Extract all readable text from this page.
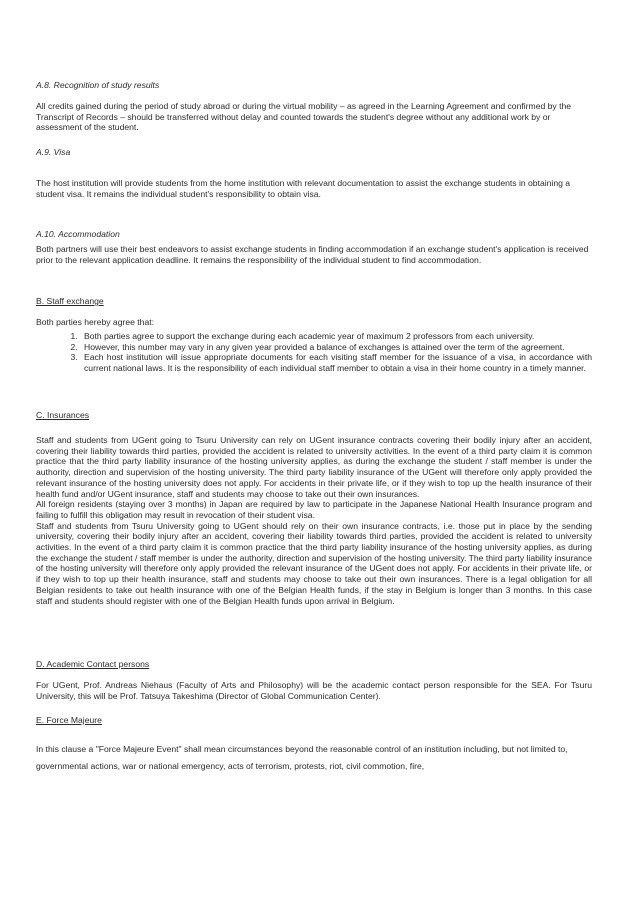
A.8. Recognition of study results

All credits gained during the period of study abroad or during the virtual mobility – as agreed in the Learning Agreement and confirmed by the Transcript of Records – should be transferred without delay and counted towards the student's degree without any additional work by or assessment of the student.

A.9. Visa

The host institution will provide students from the home institution with relevant documentation to assist the exchange students in obtaining a student visa. It remains the individual student's responsibility to obtain visa.

A.10. Accommodation

Both partners will use their best endeavors to assist exchange students in finding accommodation if an exchange student's application is received prior to the relevant application deadline. It remains the responsibility of the individual student to find accommodation.

B. Staff exchange

Both parties hereby agree that:

1. Both parties agree to support the exchange during each academic year of maximum 2 professors from each university.
2. However, this number may vary in any given year provided a balance of exchanges is attained over the term of the agreement.
3. Each host institution will issue appropriate documents for each visiting staff member for the issuance of a visa, in accordance with current national laws. It is the responsibility of each individual staff member to obtain a visa in their home country in a timely manner.

C. Insurances

Staff and students from UGent going to Tsuru University can rely on UGent insurance contracts covering their bodily injury after an accident, covering their liability towards third parties, provided the accident is related to university activities. In the event of a third party claim it is common practice that the third party liability insurance of the hosting university applies, as during the exchange the student / staff member is under the authority, direction and supervision of the hosting university. The third party liability insurance of the UGent will therefore only apply provided the relevant insurance of the hosting university does not apply. For accidents in their private life, or if they wish to top up the health insurance of their health fund and/or UGent insurance, staff and students may choose to take out their own insurances.
All foreign residents (staying over 3 months) in Japan are required by law to participate in the Japanese National Health Insurance program and failing to fulfill this obligation may result in revocation of their student visa.
Staff and students from Tsuru University going to UGent should rely on their own insurance contracts, i.e. those put in place by the sending university, covering their bodily injury after an accident, covering their liability towards third parties, provided the accident is related to university activities. In the event of a third party claim it is common practice that the third party liability insurance of the hosting university applies, as during the exchange the student / staff member is under the authority, direction and supervision of the hosting university. The third party liability insurance of the hosting university will therefore only apply provided the relevant insurance of the UGent does not apply. For accidents in their private life, or if they wish to top up their health insurance, staff and students may choose to take out their own insurances. There is a legal obligation for all Belgian residents to take out health insurance with one of the Belgian Health funds, if the stay in Belgium is longer than 3 months. In this case staff and students should register with one of the Belgian Health funds upon arrival in Belgium.

D. Academic Contact persons

For UGent, Prof. Andreas Niehaus (Faculty of Arts and Philosophy) will be the academic contact person responsible for the SEA. For Tsuru University, this will be Prof. Tatsuya Takeshima (Director of Global Communication Center).

E. Force Majeure

In this clause a "Force Majeure Event" shall mean circumstances beyond the reasonable control of an institution including, but not limited to, governmental actions, war or national emergency, acts of terrorism, protests, riot, civil commotion, fire,
